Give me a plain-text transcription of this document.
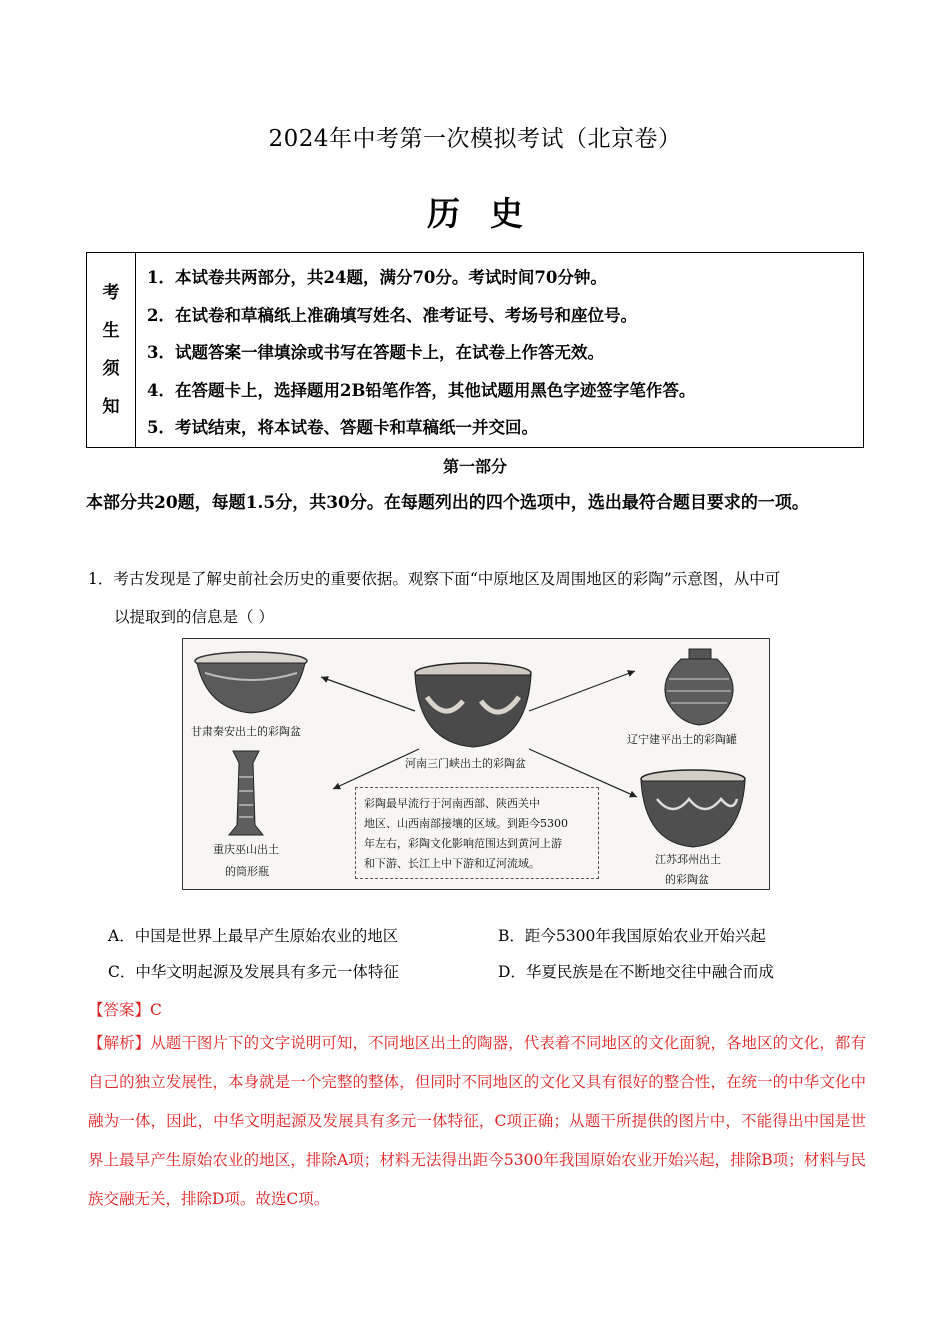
2024年中考第一次模拟考试（北京卷）
历史
考
生
须
知
1．本试卷共两部分，共24题，满分70分。考试时间70分钟。
2．在试卷和草稿纸上准确填写姓名、准考证号、考场号和座位号。
3．试题答案一律填涂或书写在答题卡上，在试卷上作答无效。
4．在答题卡上，选择题用2B铅笔作答，其他试题用黑色字迹签字笔作答。
5．考试结束，将本试卷、答题卡和草稿纸一并交回。
第一部分
本部分共20题，每题1.5分，共30分。在每题列出的四个选项中，选出最符合题目要求的一项。
1．考古发现是了解史前社会历史的重要依据。观察下面“中原地区及周围地区的彩陶”示意图，从中可
以提取到的信息是（ ）
甘肃秦安出土的彩陶盆
河南三门峡出土的彩陶盆
辽宁建平出土的彩陶罐
重庆巫山出土
的筒形瓶
江苏邳州出土
的彩陶盆
彩陶最早流行于河南西部、陕西关中
地区、山西南部接壤的区域。到距今5300
年左右，彩陶文化影响范围达到黄河上游
和下游、长江上中下游和辽河流域。
A．中国是世界上最早产生原始农业的地区	B．距今5300年我国原始农业开始兴起
C．中华文明起源及发展具有多元一体特征	D．华夏民族是在不断地交往中融合而成
【答案】C
【解析】从题干图片下的文字说明可知，不同地区出土的陶器，代表着不同地区的文化面貌，各地区的文化，都有自己的独立发展性，本身就是一个完整的整体，但同时不同地区的文化又具有很好的整合性，在统一的中华文化中融为一体，因此，中华文明起源及发展具有多元一体特征，C项正确；从题干所提供的图片中，不能得出中国是世界上最早产生原始农业的地区，排除A项；材料无法得出距今5300年我国原始农业开始兴起，排除B项；材料与民族交融无关，排除D项。故选C项。
